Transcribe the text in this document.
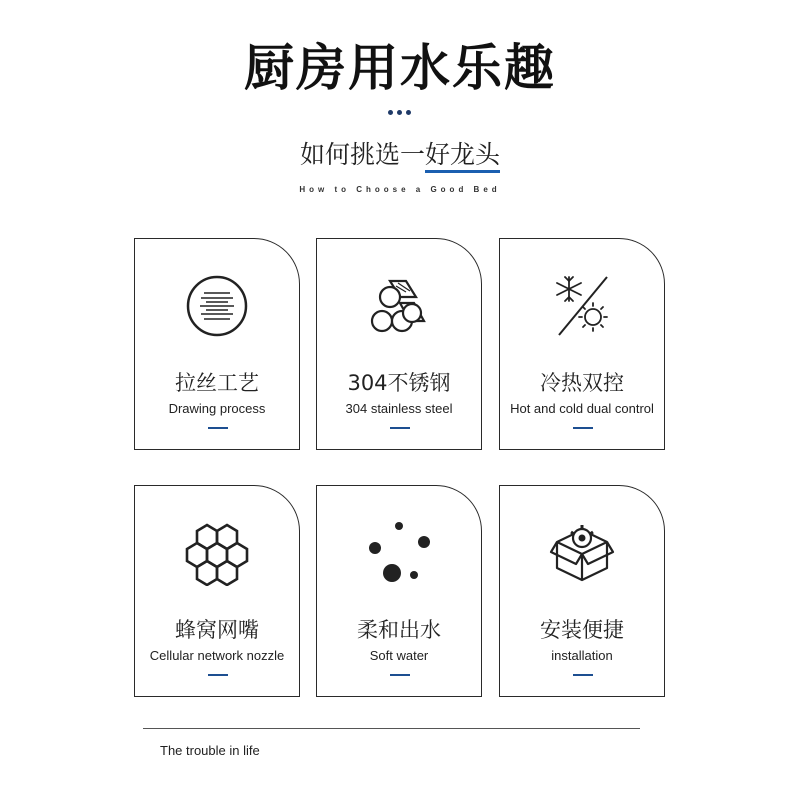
厨房用水乐趣
如何挑选一好龙头
How to Choose a Good Bed
拉丝工艺
Drawing process
304不锈钢
304 stainless steel
冷热双控
Hot and cold dual control
蜂窝网嘴
Cellular network nozzle
柔和出水
Soft water
安装便捷
installation
The trouble in life
